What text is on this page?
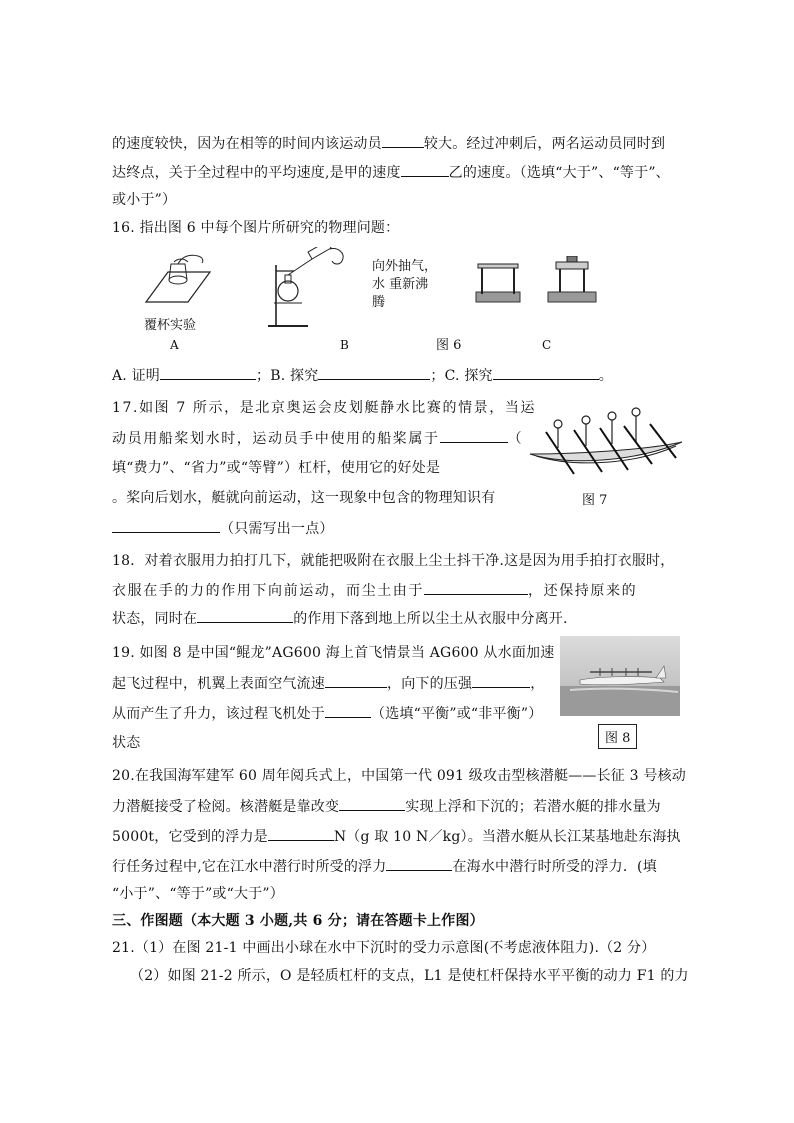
的速度较快，因为在相等的时间内该运动员	较大。经过冲刺后，两名运动员同时到
达终点，关于全过程中的平均速度,是甲的速度	乙的速度。（选填“大于”、“等于”、
或小于”）
16. 指出图 6 中每个图片所研究的物理问题：
覆杯实验
A
向外抽气，
水 重新沸
腾
B	图 6	C
A. 证明	；B. 探究	；C. 探究	。
17.如图 7 所示，是北京奥运会皮划艇静水比赛的情景，当运
动员用船桨划水时，运动员手中使用的船桨属于	（
填“费力”、“省力”或“等臂”）杠杆，使用它的好处是
。桨向后划水，艇就向前运动，这一现象中包含的物理知识有
（只需写出一点）
图 7
18．对着衣服用力拍打几下，就能把吸附在衣服上尘土抖干净.这是因为用手拍打衣服时，
衣服在手的力的作用下向前运动，而尘土由于	，还保持原来的
状态，同时在	的作用下落到地上所以尘土从衣服中分离开.
19. 如图 8 是中国“鲲龙”AG600 海上首飞情景当 AG600 从水面加速
起飞过程中，机翼上表面空气流速	，向下的压强	，
从而产生了升力，该过程飞机处于	（选填“平衡”或“非平衡”）
状态	图 8
20.在我国海军建军 60 周年阅兵式上，中国第一代 091 级攻击型核潜艇——长征 3 号核动
力潜艇接受了检阅。核潜艇是靠改变	实现上浮和下沉的；若潜水艇的排水量为
5000t，它受到的浮力是	N（g 取 10 N／kg）。当潜水艇从长江某基地赴东海执
行任务过程中,它在江水中潜行时所受的浮力	在海水中潜行时所受的浮力．(填
“小于”、“等于”或“大于”）
三、作图题（本大题 3 小题,共 6 分；请在答题卡上作图）
21.（1）在图 21-1 中画出小球在水中下沉时的受力示意图(不考虑液体阻力).（2 分）
（2）如图 21-2 所示，O 是轻质杠杆的支点，L1 是使杠杆保持水平平衡的动力 F1 的力
